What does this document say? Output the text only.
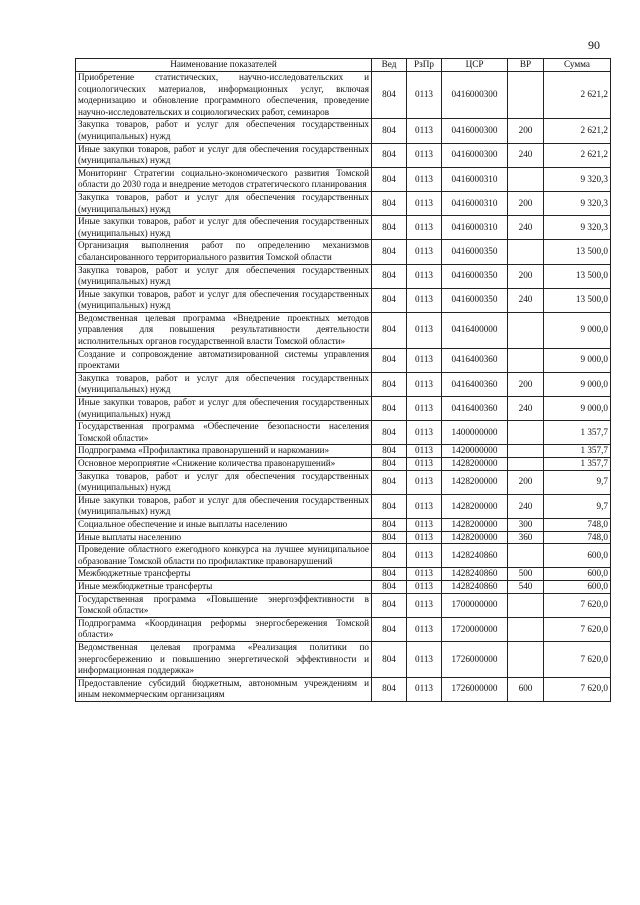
90
Наименование показателей	Вед	РзПр	ЦСР	ВР	Сумма
Приобретение статистических, научно-исследовательских и социологических материалов, информационных услуг, включая модернизацию и обновление программного обеспечения, проведение научно-исследовательских и социологических работ, семинаров	804	0113	0416000300		2 621,2
Закупка товаров, работ и услуг для обеспечения государственных (муниципальных) нужд	804	0113	0416000300	200	2 621,2
Иные закупки товаров, работ и услуг для обеспечения государственных (муниципальных) нужд	804	0113	0416000300	240	2 621,2
Мониторинг Стратегии социально-экономического развития Томской области до 2030 года и внедрение методов стратегического планирования	804	0113	0416000310		9 320,3
Закупка товаров, работ и услуг для обеспечения государственных (муниципальных) нужд	804	0113	0416000310	200	9 320,3
Иные закупки товаров, работ и услуг для обеспечения государственных (муниципальных) нужд	804	0113	0416000310	240	9 320,3
Организация выполнения работ по определению механизмов сбалансированного территориального развития Томской области	804	0113	0416000350		13 500,0
Закупка товаров, работ и услуг для обеспечения государственных (муниципальных) нужд	804	0113	0416000350	200	13 500,0
Иные закупки товаров, работ и услуг для обеспечения государственных (муниципальных) нужд	804	0113	0416000350	240	13 500,0
Ведомственная целевая программа «Внедрение проектных методов управления для повышения результативности деятельности исполнительных органов государственной власти Томской области»	804	0113	0416400000		9 000,0
Создание и сопровождение автоматизированной системы управления проектами	804	0113	0416400360		9 000,0
Закупка товаров, работ и услуг для обеспечения государственных (муниципальных) нужд	804	0113	0416400360	200	9 000,0
Иные закупки товаров, работ и услуг для обеспечения государственных (муниципальных) нужд	804	0113	0416400360	240	9 000,0
Государственная программа «Обеспечение безопасности населения Томской области»	804	0113	1400000000		1 357,7
Подпрограмма «Профилактика правонарушений и наркомании»	804	0113	1420000000		1 357,7
Основное мероприятие «Снижение количества правонарушений»	804	0113	1428200000		1 357,7
Закупка товаров, работ и услуг для обеспечения государственных (муниципальных) нужд	804	0113	1428200000	200	9,7
Иные закупки товаров, работ и услуг для обеспечения государственных (муниципальных) нужд	804	0113	1428200000	240	9,7
Социальное обеспечение и иные выплаты населению	804	0113	1428200000	300	748,0
Иные выплаты населению	804	0113	1428200000	360	748,0
Проведение областного ежегодного конкурса на лучшее муниципальное образование Томской области по профилактике правонарушений	804	0113	1428240860		600,0
Межбюджетные трансферты	804	0113	1428240860	500	600,0
Иные межбюджетные трансферты	804	0113	1428240860	540	600,0
Государственная программа «Повышение энергоэффективности в Томской области»	804	0113	1700000000		7 620,0
Подпрограмма «Координация реформы энергосбережения Томской области»	804	0113	1720000000		7 620,0
Ведомственная целевая программа «Реализация политики по энергосбережению и повышению энергетической эффективности и информационная поддержка»	804	0113	1726000000		7 620,0
Предоставление субсидий бюджетным, автономным учреждениям и иным некоммерческим организациям	804	0113	1726000000	600	7 620,0
